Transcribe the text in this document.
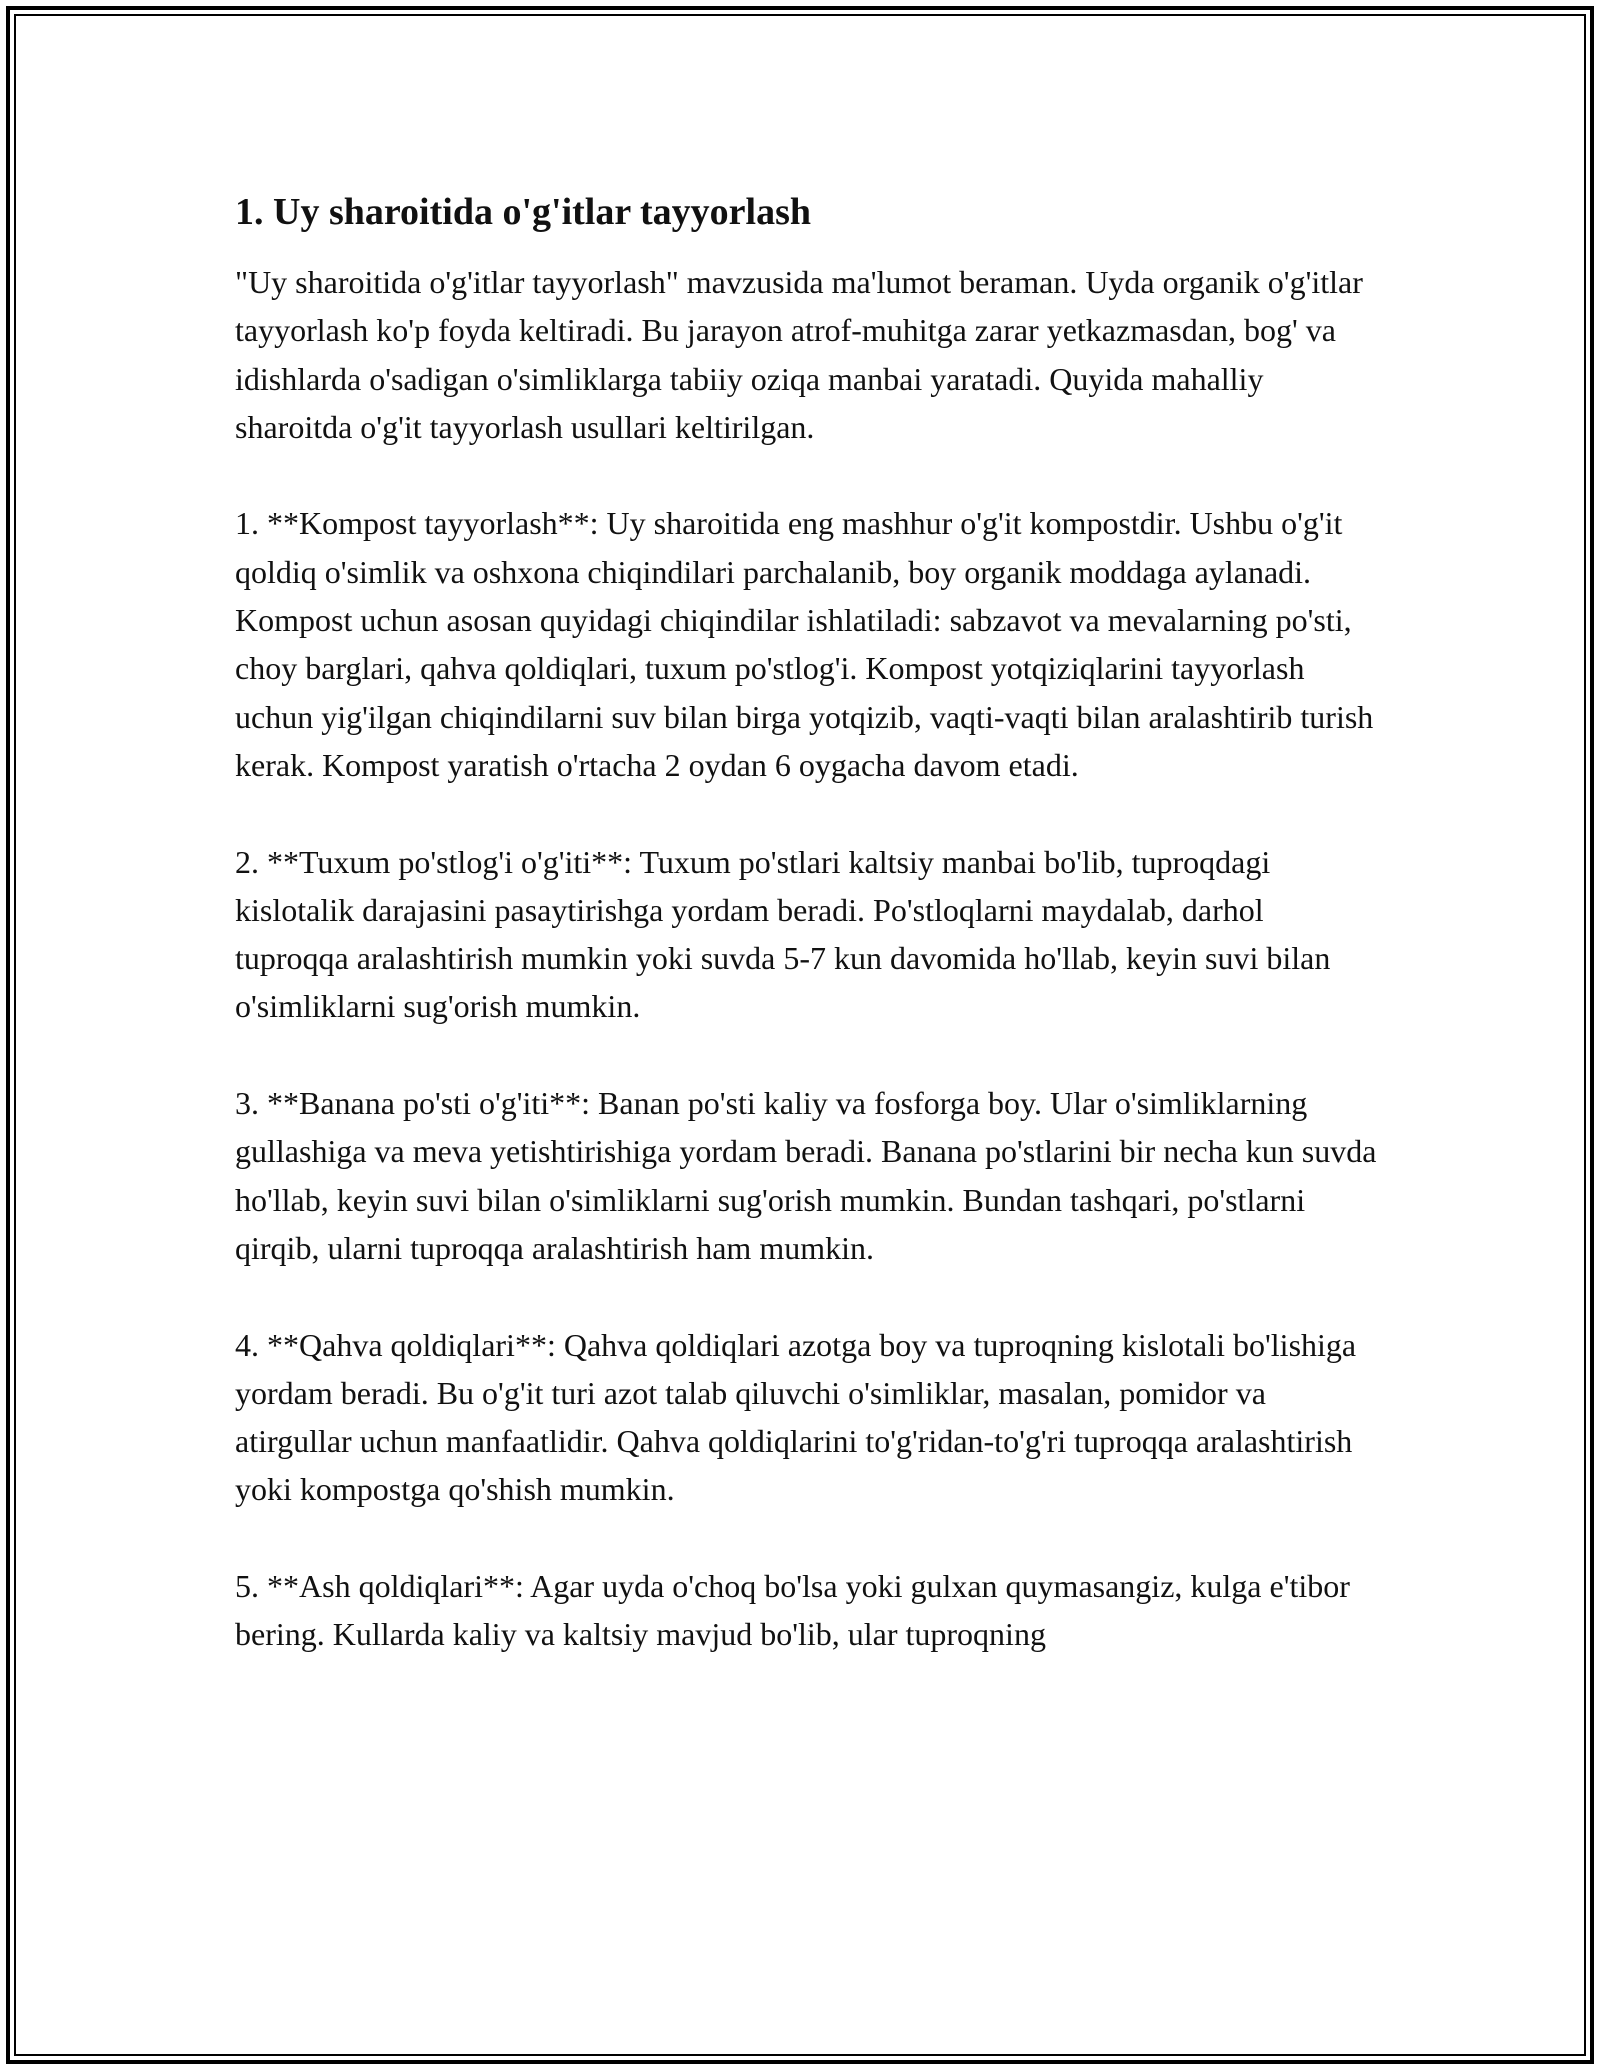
1. Uy sharoitida o'g'itlar tayyorlash

"Uy sharoitida o'g'itlar tayyorlash" mavzusida ma'lumot beraman. Uyda organik o'g'itlar tayyorlash ko'p foyda keltiradi. Bu jarayon atrof-muhitga zarar yetkazmasdan, bog' va idishlarda o'sadigan o'simliklarga tabiiy oziqa manbai yaratadi. Quyida mahalliy sharoitda o'g'it tayyorlash usullari keltirilgan.

1. **Kompost tayyorlash**: Uy sharoitida eng mashhur o'g'it kompostdir. Ushbu o'g'it qoldiq o'simlik va oshxona chiqindilari parchalanib, boy organik moddaga aylanadi. Kompost uchun asosan quyidagi chiqindilar ishlatiladi: sabzavot va mevalarning po'sti, choy barglari, qahva qoldiqlari, tuxum po'stlog'i. Kompost yotqiziqlarini tayyorlash uchun yig'ilgan chiqindilarni suv bilan birga yotqizib, vaqti-vaqti bilan aralashtirib turish kerak. Kompost yaratish o'rtacha 2 oydan 6 oygacha davom etadi.

2. **Tuxum po'stlog'i o'g'iti**: Tuxum po'stlari kaltsiy manbai bo'lib, tuproqdagi kislotalik darajasini pasaytirishga yordam beradi. Po'stloqlarni maydalab, darhol tuproqqa aralashtirish mumkin yoki suvda 5-7 kun davomida ho'llab, keyin suvi bilan o'simliklarni sug'orish mumkin.

3. **Banana po'sti o'g'iti**: Banan po'sti kaliy va fosforga boy. Ular o'simliklarning gullashiga va meva yetishtirishiga yordam beradi. Banana po'stlarini bir necha kun suvda ho'llab, keyin suvi bilan o'simliklarni sug'orish mumkin. Bundan tashqari, po'stlarni qirqib, ularni tuproqqa aralashtirish ham mumkin.

4. **Qahva qoldiqlari**: Qahva qoldiqlari azotga boy va tuproqning kislotali bo'lishiga yordam beradi. Bu o'g'it turi azot talab qiluvchi o'simliklar, masalan, pomidor va atirgullar uchun manfaatlidir. Qahva qoldiqlarini to'g'ridan-to'g'ri tuproqqa aralashtirish yoki kompostga qo'shish mumkin.

5. **Ash qoldiqlari**: Agar uyda o'choq bo'lsa yoki gulxan quymasangiz, kulga e'tibor bering. Kullarda kaliy va kaltsiy mavjud bo'lib, ular tuproqning
